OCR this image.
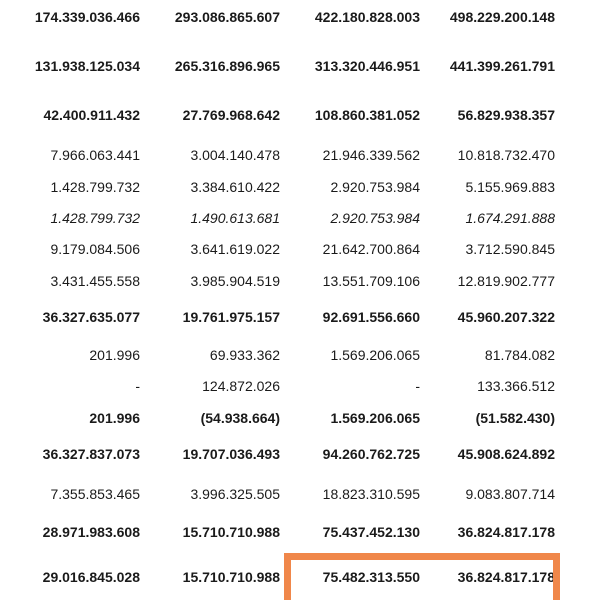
174.339.036.466	293.086.865.607	422.180.828.003	498.229.200.148
131.938.125.034	265.316.896.965	313.320.446.951	441.399.261.791
42.400.911.432	27.769.968.642	108.860.381.052	56.829.938.357
7.966.063.441	3.004.140.478	21.946.339.562	10.818.732.470
1.428.799.732	3.384.610.422	2.920.753.984	5.155.969.883
1.428.799.732	1.490.613.681	2.920.753.984	1.674.291.888
9.179.084.506	3.641.619.022	21.642.700.864	3.712.590.845
3.431.455.558	3.985.904.519	13.551.709.106	12.819.902.777
36.327.635.077	19.761.975.157	92.691.556.660	45.960.207.322
201.996	69.933.362	1.569.206.065	81.784.082
-	124.872.026	-	133.366.512
201.996	(54.938.664)	1.569.206.065	(51.582.430)
36.327.837.073	19.707.036.493	94.260.762.725	45.908.624.892
7.355.853.465	3.996.325.505	18.823.310.595	9.083.807.714
28.971.983.608	15.710.710.988	75.437.452.130	36.824.817.178
29.016.845.028	15.710.710.988	75.482.313.550	36.824.817.178
